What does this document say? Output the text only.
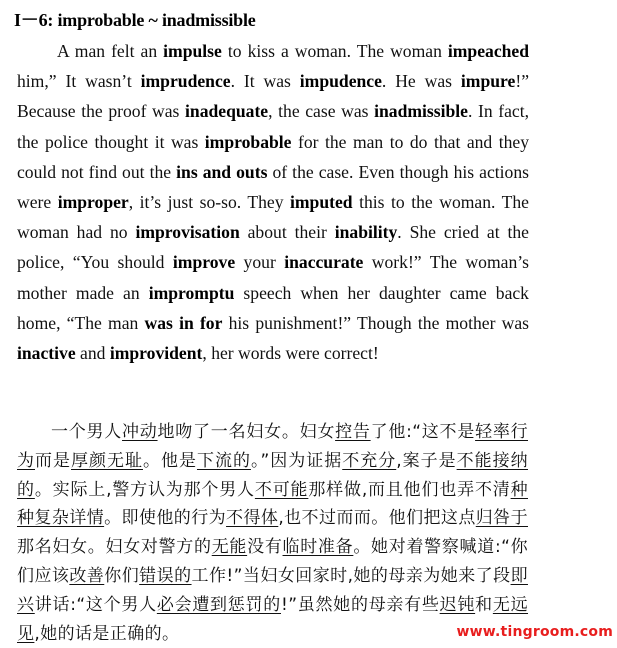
I－6: improbable ~ inadmissible

A man felt an impulse to kiss a woman. The woman impeached him,” It wasn’t imprudence. It was impudence. He was impure!” Because the proof was inadequate, the case was inadmissible. In fact, the police thought it was improbable for the man to do that and they could not find out the ins and outs of the case. Even though his actions were improper, it’s just so-so. They imputed this to the woman. The woman had no improvisation about their inability. She cried at the police, “You should improve your inaccurate work!” The woman’s mother made an impromptu speech when her daughter came back home, “The man was in for his punishment!” Though the mother was inactive and improvident, her words were correct!

一个男人冲动地吻了一名妇女。妇女控告了他:“这不是轻率行为而是厚颜无耻。他是下流的。”因为证据不充分,案子是不能接纳的。实际上,警方认为那个男人不可能那样做,而且他们也弄不清种种复杂详情。即使他的行为不得体,也不过而而。他们把这点归咎于那名妇女。妇女对警方的无能没有临时准备。她对着警察喊道:“你们应该改善你们错误的工作!”当妇女回家时,她的母亲为她来了段即兴讲话:“这个男人必会遭到惩罚的!”虽然她的母亲有些迟钝和无远见,她的话是正确的。	www.tingroom.com
